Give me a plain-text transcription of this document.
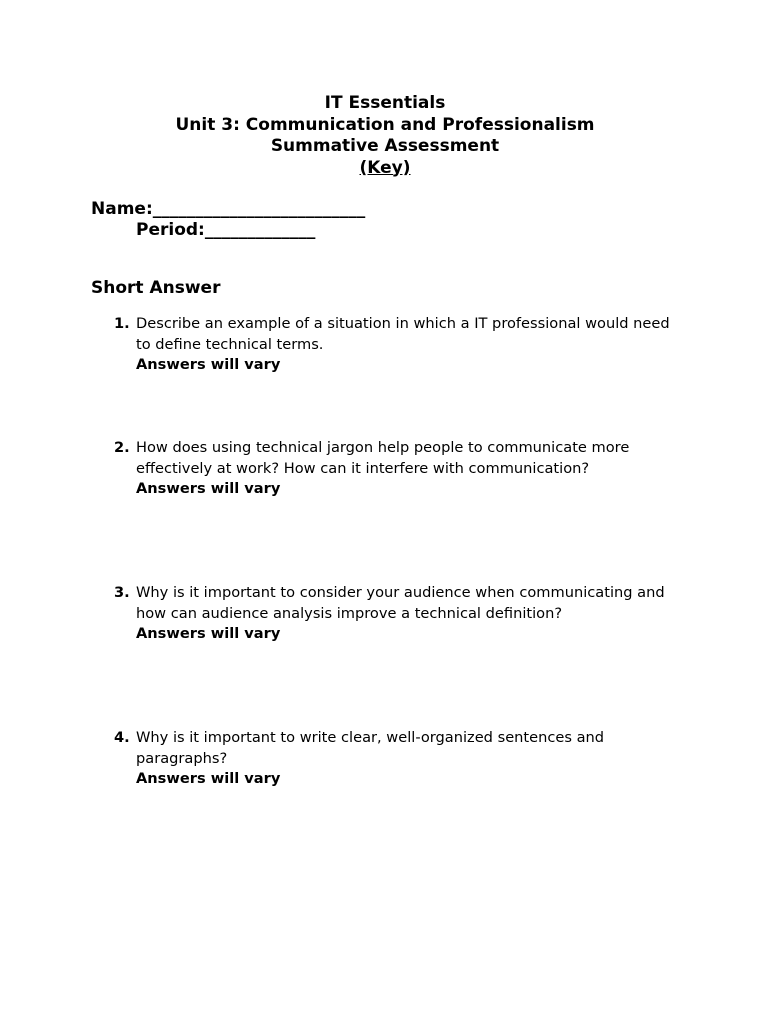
IT Essentials
Unit 3: Communication and Professionalism
Summative Assessment
(Key)
Name:_________________________
Period:_____________
Short Answer
1. Describe an example of a situation in which a IT professional would need to define technical terms.
Answers will vary
2. How does using technical jargon help people to communicate more effectively at work? How can it interfere with communication?
Answers will vary
3. Why is it important to consider your audience when communicating and how can audience analysis improve a technical definition?
Answers will vary
4. Why is it important to write clear, well-organized sentences and paragraphs?
Answers will vary
